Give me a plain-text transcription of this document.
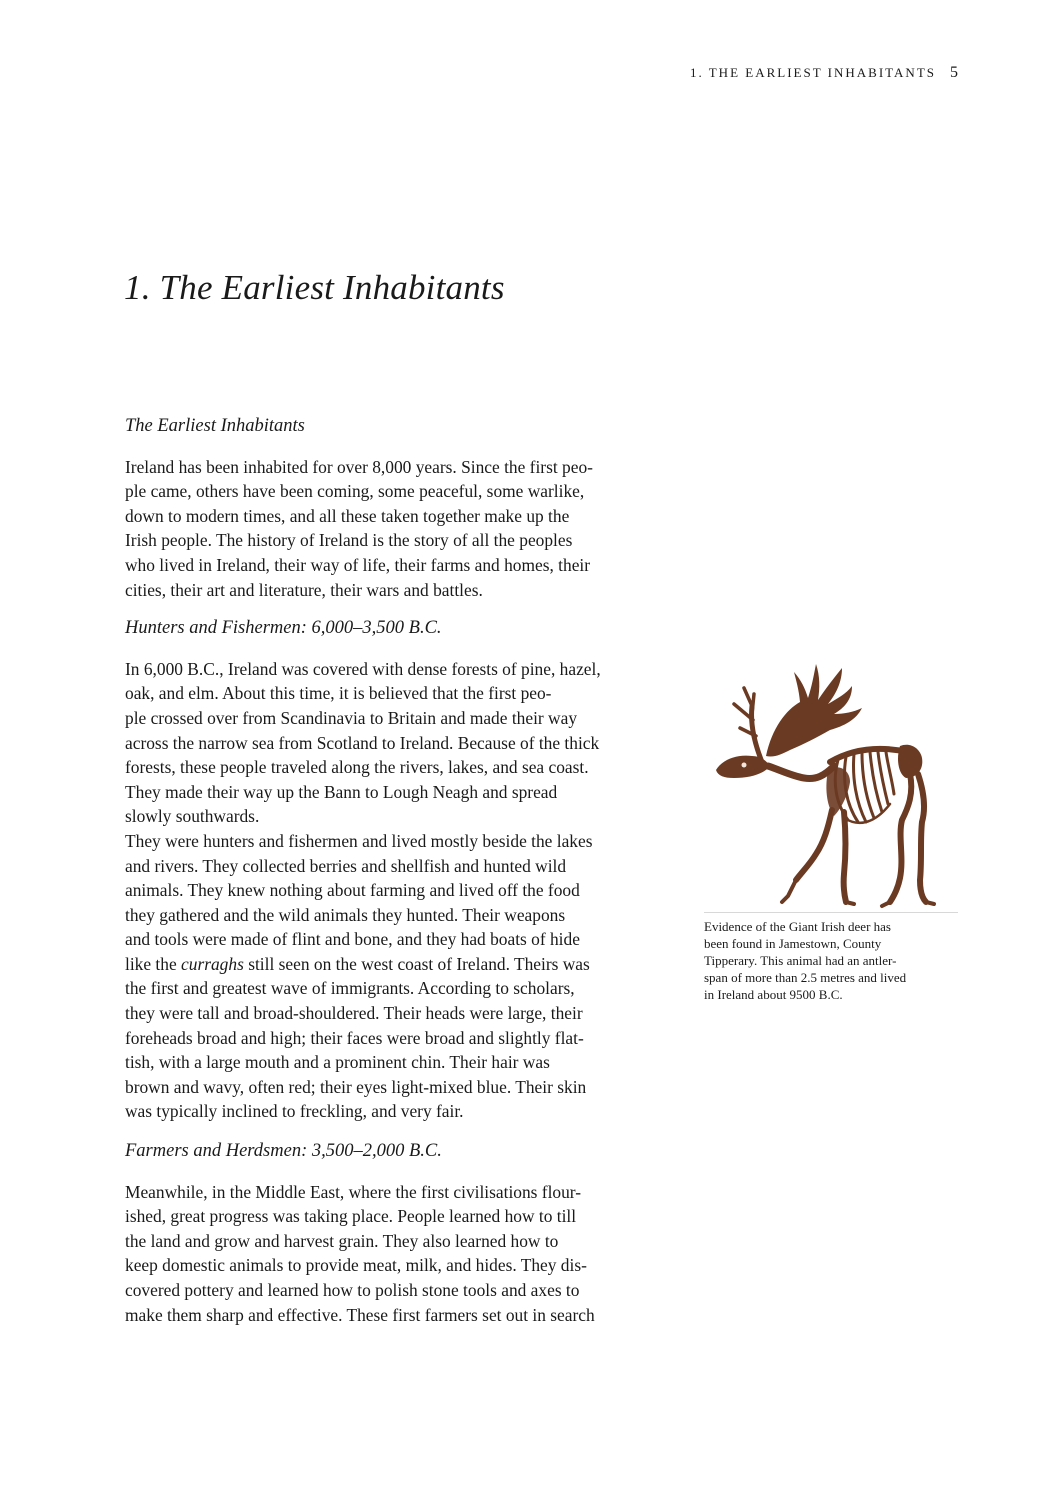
1. THE EARLIEST INHABITANTS 5
1. The Earliest Inhabitants
The Earliest Inhabitants

Ireland has been inhabited for over 8,000 years. Since the first peo-
ple came, others have been coming, some peaceful, some warlike,
down to modern times, and all these taken together make up the
Irish people. The history of Ireland is the story of all the peoples
who lived in Ireland, their way of life, their farms and homes, their
cities, their art and literature, their wars and battles.

Hunters and Fishermen: 6,000–3,500 B.C.

In 6,000 B.C., Ireland was covered with dense forests of pine, hazel,
oak, and elm. About this time, it is believed that the first peo-
ple crossed over from Scandinavia to Britain and made their way
across the narrow sea from Scotland to Ireland. Because of the thick
forests, these people traveled along the rivers, lakes, and sea coast.
They made their way up the Bann to Lough Neagh and spread
slowly southwards.
They were hunters and fishermen and lived mostly beside the lakes
and rivers. They collected berries and shellfish and hunted wild
animals. They knew nothing about farming and lived off the food
they gathered and the wild animals they hunted. Their weapons
and tools were made of flint and bone, and they had boats of hide
like the curraghs still seen on the west coast of Ireland. Theirs was
the first and greatest wave of immigrants. According to scholars,
they were tall and broad-shouldered. Their heads were large, their
foreheads broad and high; their faces were broad and slightly flat-
tish, with a large mouth and a prominent chin. Their hair was
brown and wavy, often red; their eyes light-mixed blue. Their skin
was typically inclined to freckling, and very fair.

Farmers and Herdsmen: 3,500–2,000 B.C.

Meanwhile, in the Middle East, where the first civilisations flour-
ished, great progress was taking place. People learned how to till
the land and grow and harvest grain. They also learned how to
keep domestic animals to provide meat, milk, and hides. They dis-
covered pottery and learned how to polish stone tools and axes to
make them sharp and effective. These first farmers set out in search

Evidence of the Giant Irish deer has
been found in Jamestown, County
Tipperary. This animal had an antler-
span of more than 2.5 metres and lived
in Ireland about 9500 B.C.
